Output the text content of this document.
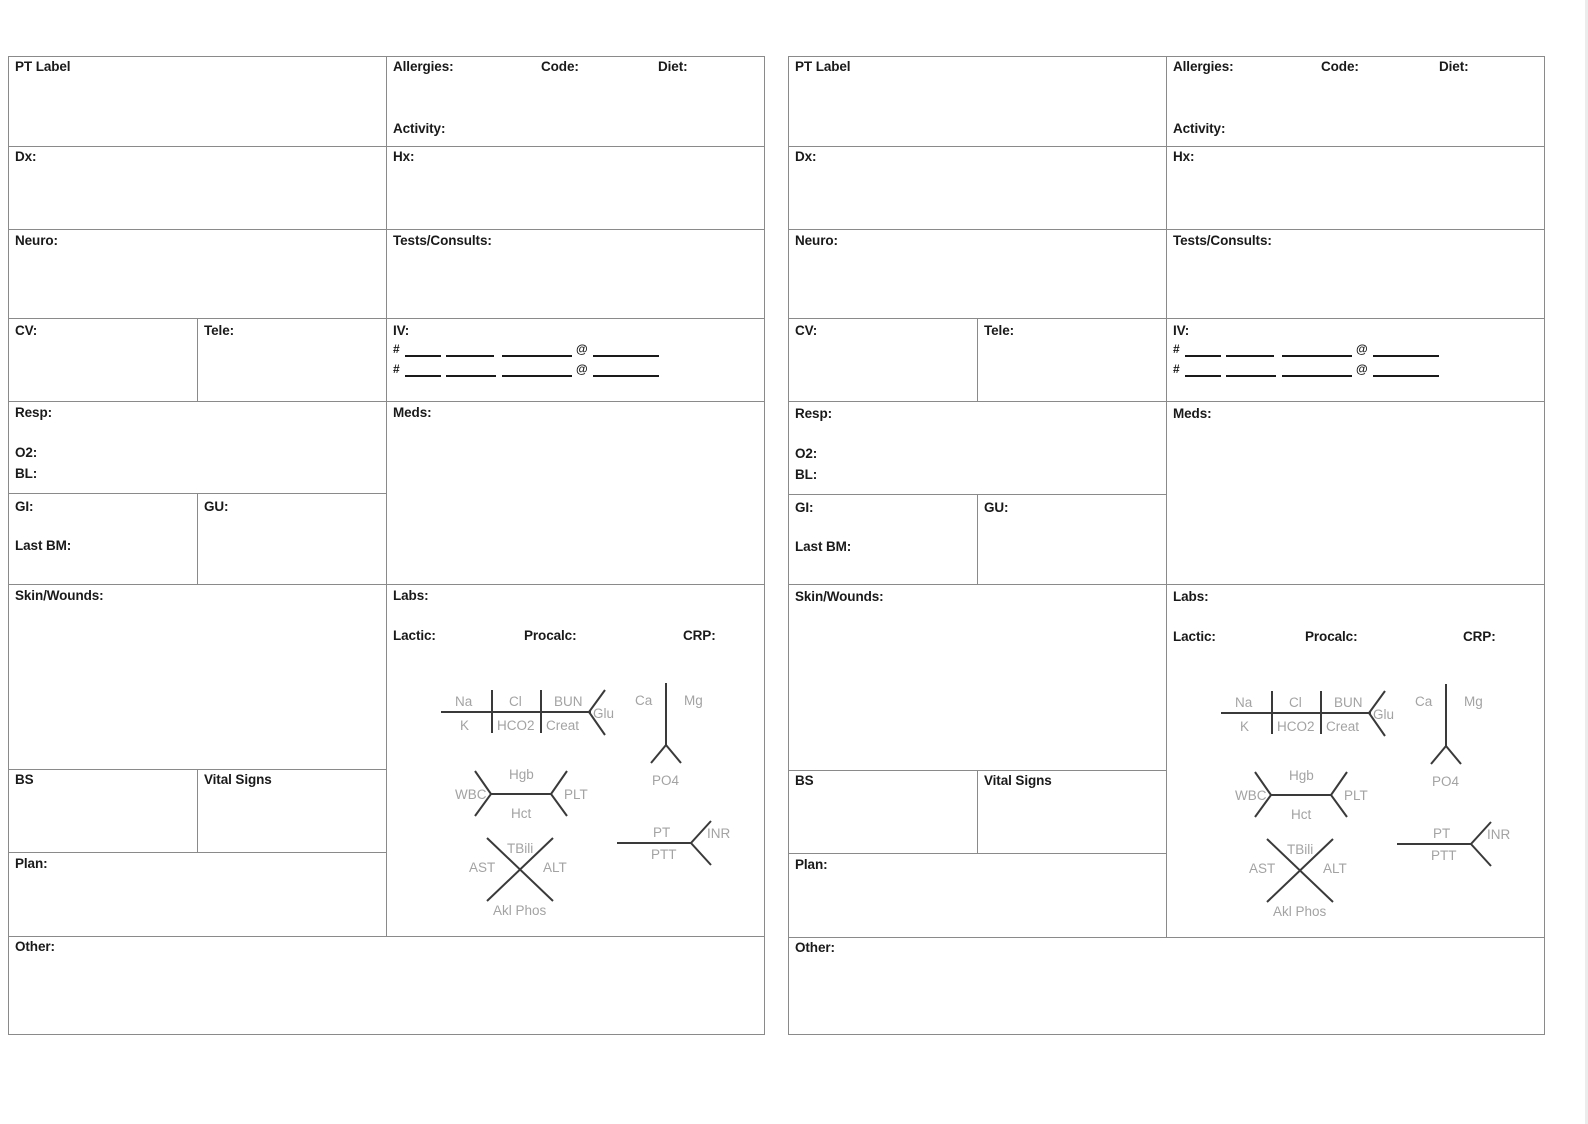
PT Label	Allergies:	Code:	Diet:
Activity:
Dx:	Hx:
Neuro:	Tests/Consults:
CV:	Tele:	IV:
#	@
#	@
Resp:	Meds:
O2:
BL:
GI:	GU:
Last BM:
Skin/Wounds:	Labs:
Lactic:	Procalc:	CRP:
BS	Vital Signs
Plan:
Other:
Na	Cl BUN
K HCO2 Creat
Glu
Ca Mg
PO4
Hgb
WBC	PLT
Hct
TBili
AST	ALT
Akl Phos
PT
PTT
INR
PT Label	Allergies:	Code:	Diet:
Activity:
Dx:	Hx:
Neuro:	Tests/Consults:
CV:	Tele:	IV:
#	@
#	@
Resp:	Meds:
O2:
BL:
GI:	GU:
Last BM:
Skin/Wounds:	Labs:
Lactic:	Procalc:	CRP:
BS	Vital Signs
Plan:
Other:
Na	Cl BUN
K HCO2 Creat
Glu
Ca Mg
PO4
Hgb
WBC	PLT
Hct
TBili
AST	ALT
Akl Phos
PT
PTT
INR
